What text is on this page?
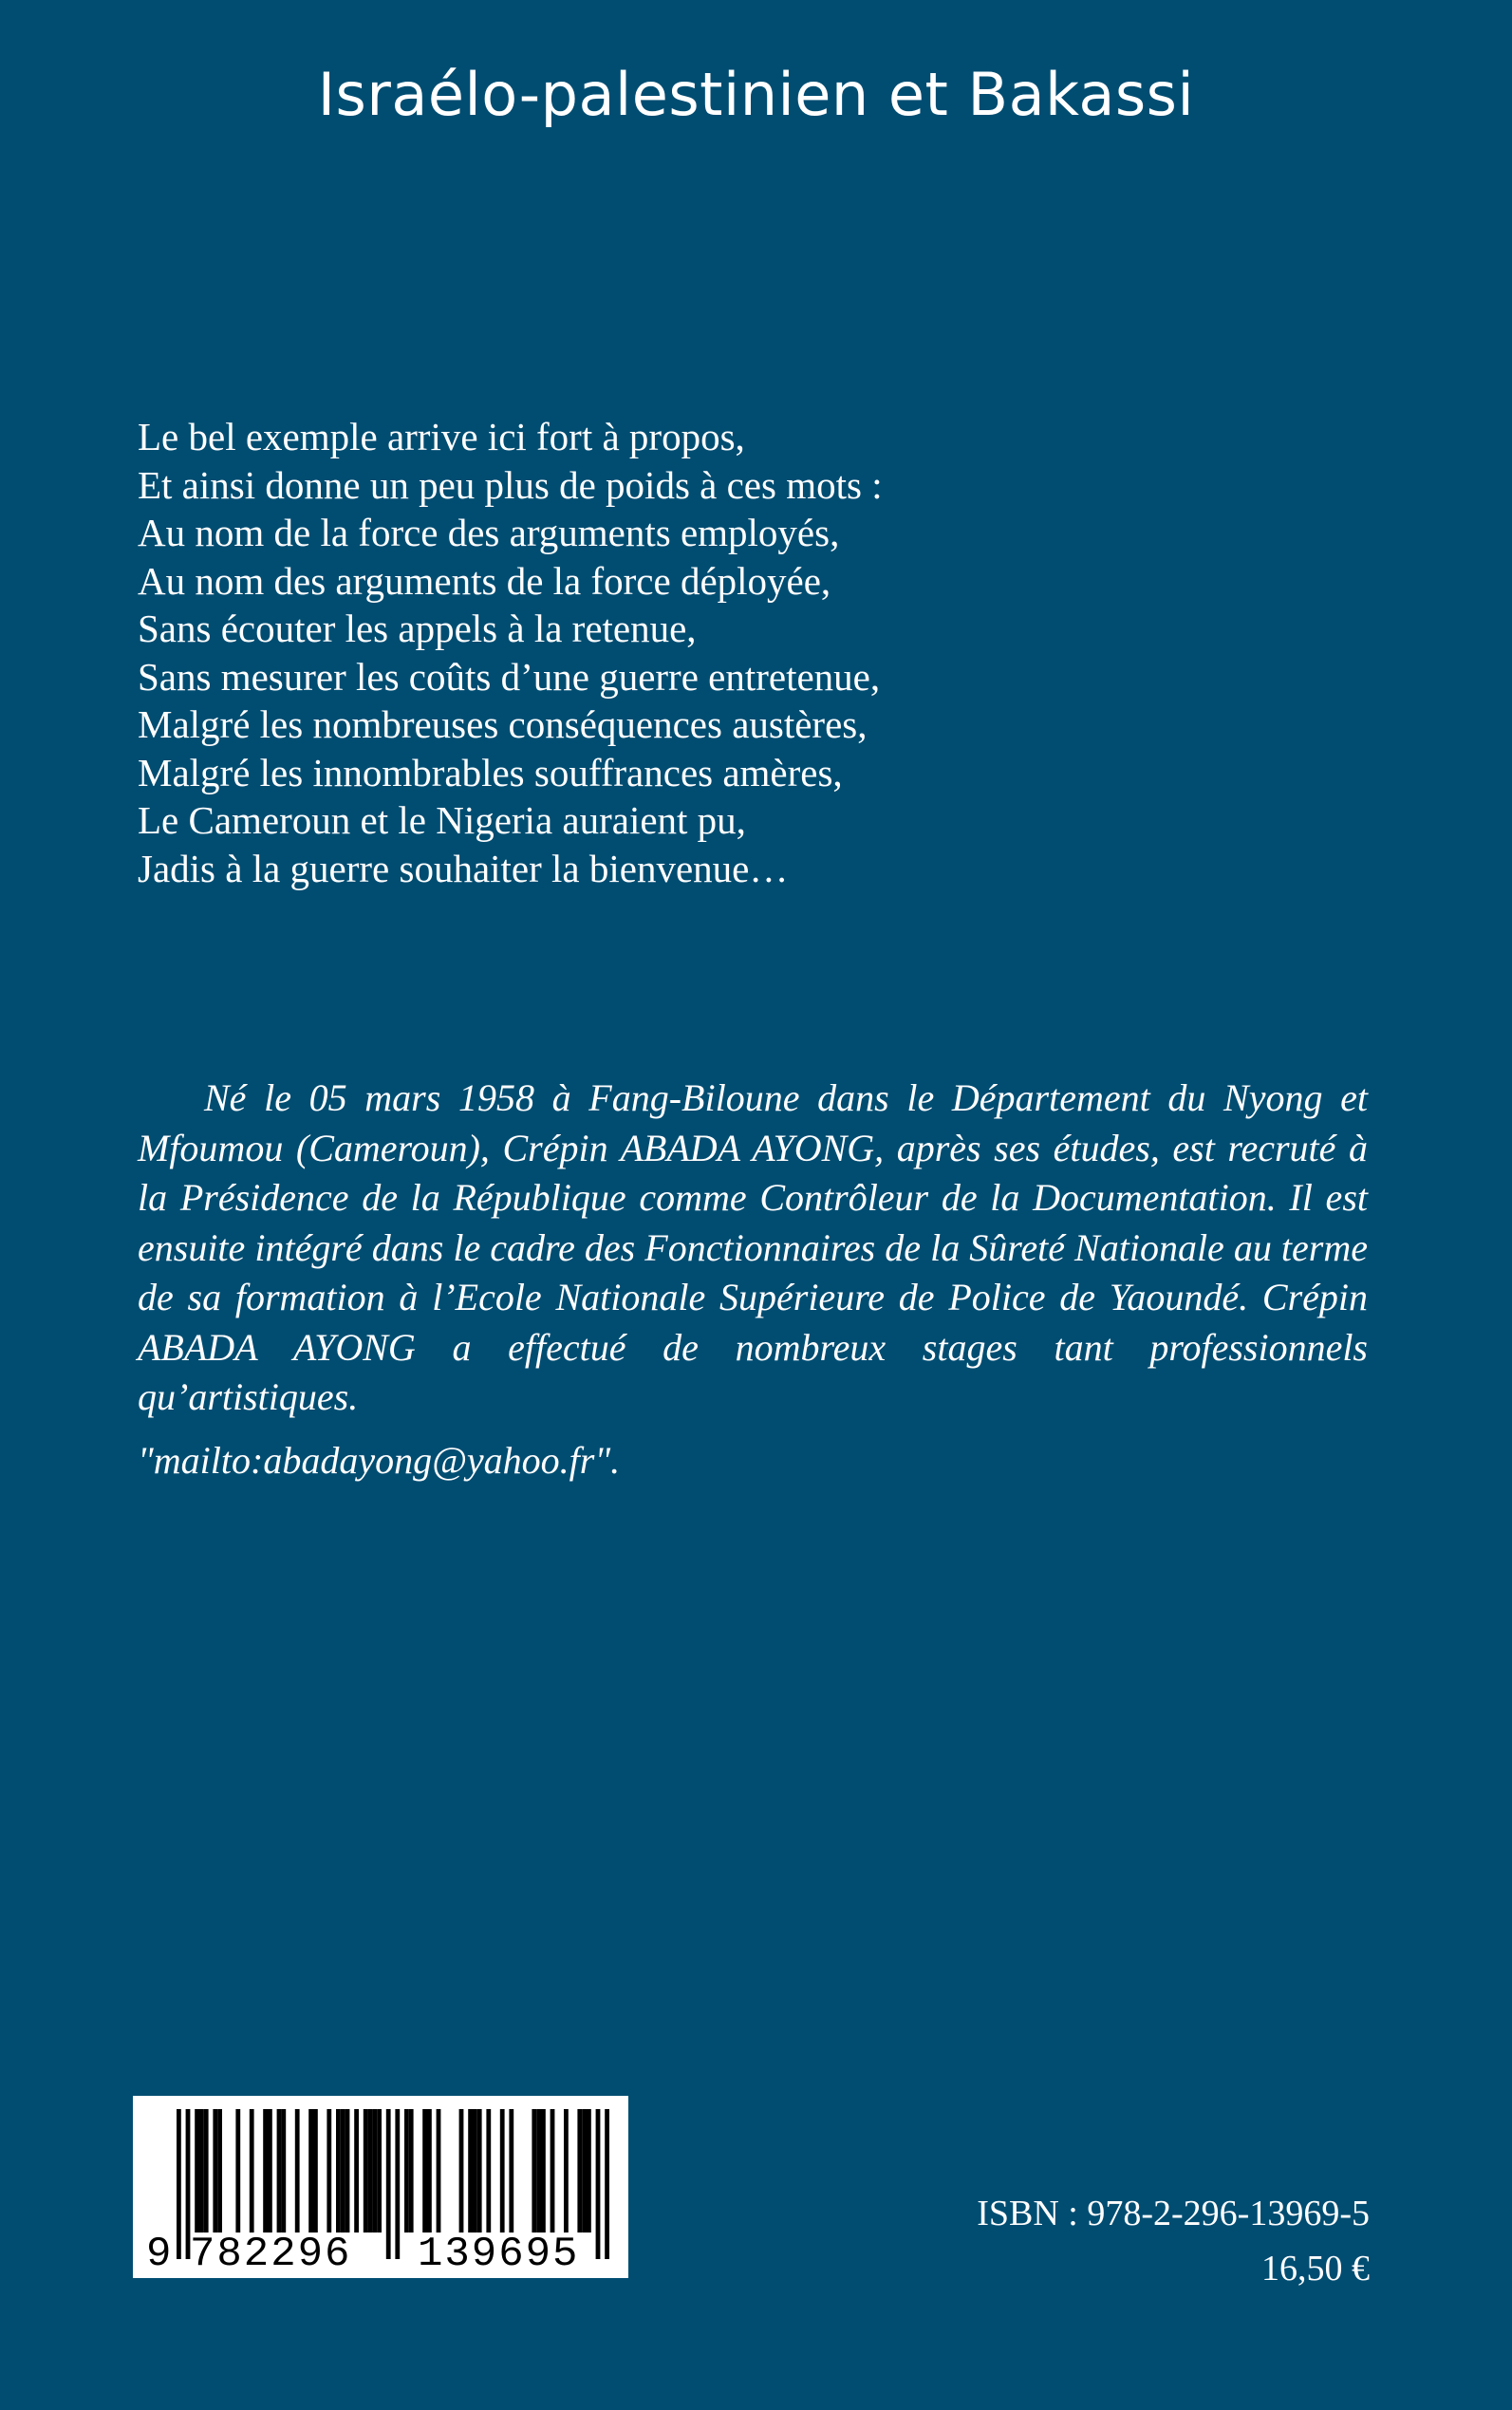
Israélo-palestinien et Bakassi
Le bel exemple arrive ici fort à propos,
Et ainsi donne un peu plus de poids à ces mots :
Au nom de la force des arguments employés,
Au nom des arguments de la force déployée,
Sans écouter les appels à la retenue,
Sans mesurer les coûts d’une guerre entretenue,
Malgré les nombreuses conséquences austères,
Malgré les innombrables souffrances amères,
Le Cameroun et le Nigeria auraient pu,
Jadis à la guerre souhaiter la bienvenue…

Né le 05 mars 1958 à Fang-Biloune dans le Département du Nyong et Mfoumou (Cameroun), Crépin ABADA AYONG, après ses études, est recruté à la Présidence de la République comme Contrôleur de la Documentation. Il est ensuite intégré dans le cadre des Fonctionnaires de la Sûreté Nationale au terme de sa formation à l’Ecole Nationale Supérieure de Police de Yaoundé. Crépin ABADA AYONG a effectué de nombreux stages tant professionnels qu’artistiques.

"mailto:abadayong@yahoo.fr".
9 782296 139695
ISBN : 978-2-296-13969-5
16,50 €
